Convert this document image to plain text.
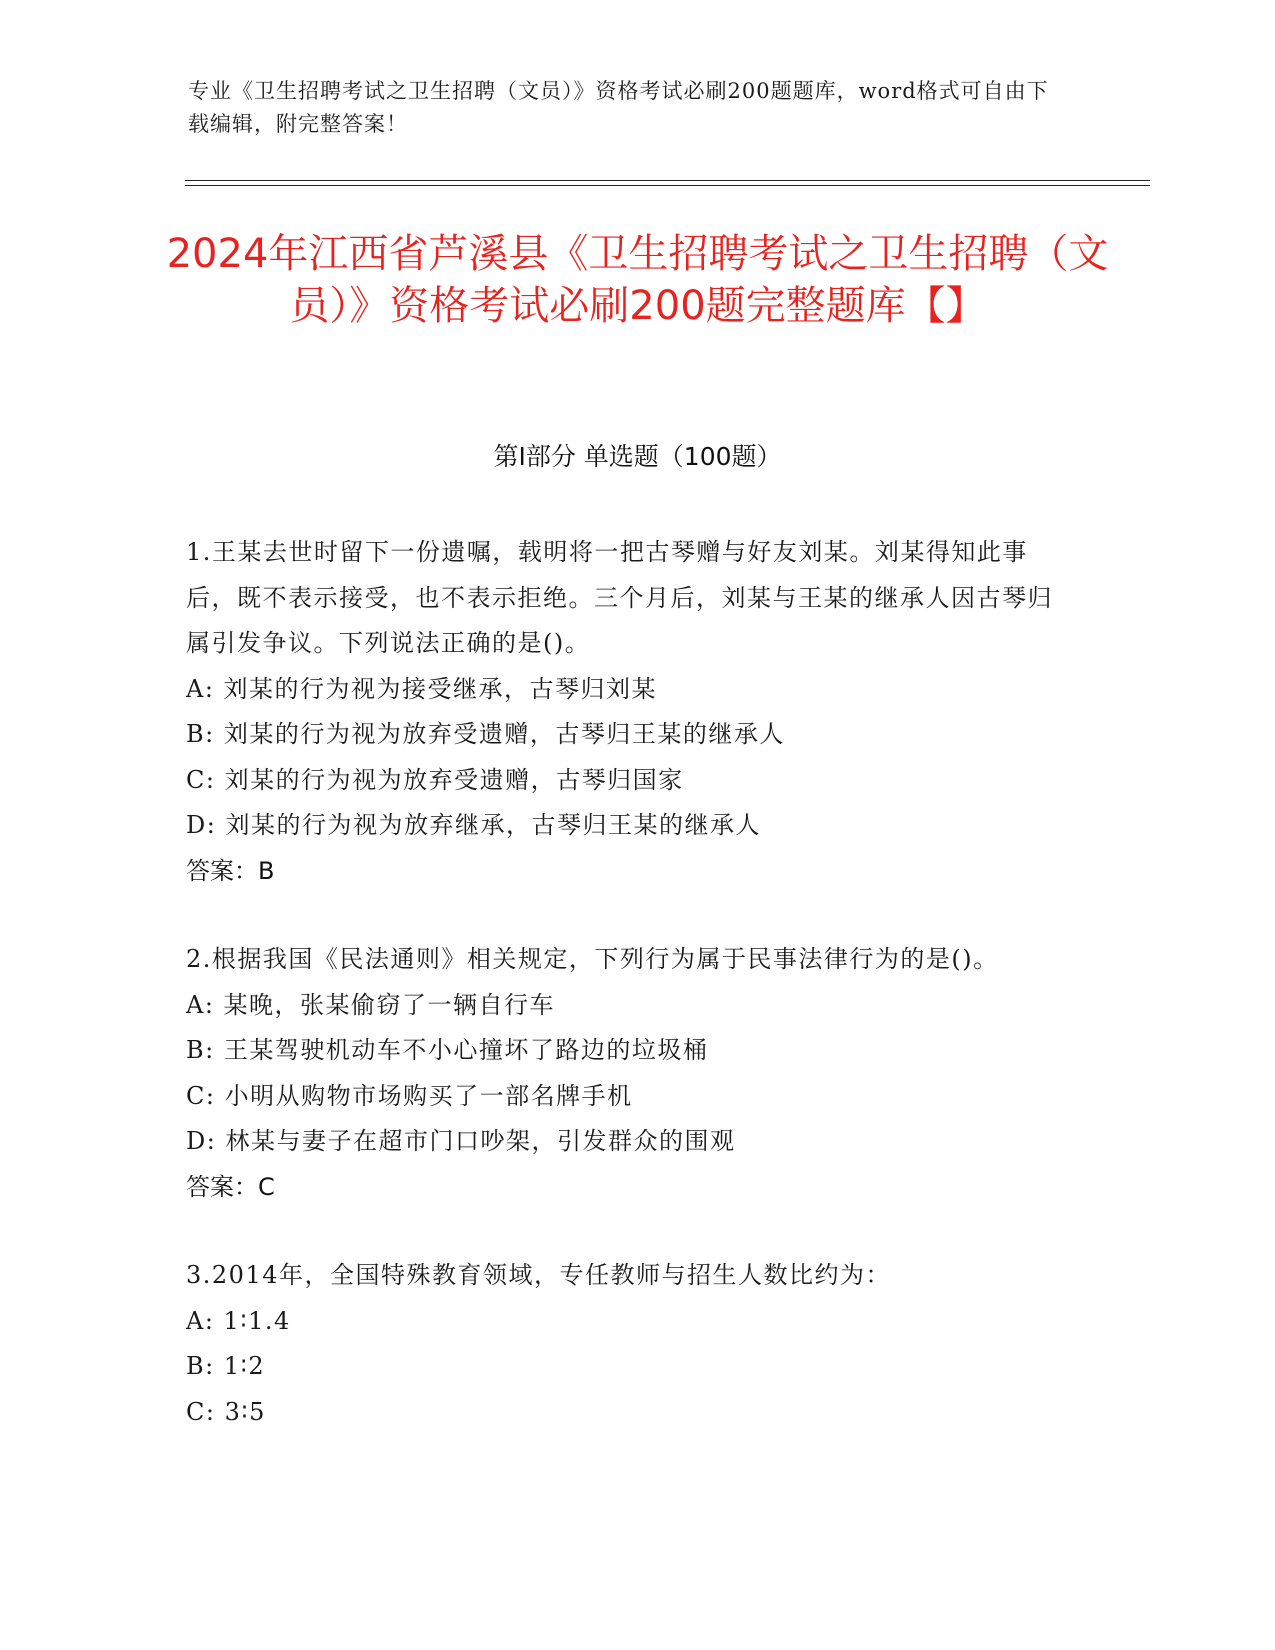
专业《卫生招聘考试之卫生招聘（文员）》资格考试必刷200题题库，word格式可自由下载编辑，附完整答案！
2024年江西省芦溪县《卫生招聘考试之卫生招聘（文员）》资格考试必刷200题完整题库【】
第I部分 单选题（100题）
1.王某去世时留下一份遗嘱，载明将一把古琴赠与好友刘某。刘某得知此事后，既不表示接受，也不表示拒绝。三个月后，刘某与王某的继承人因古琴归属引发争议。下列说法正确的是()。
A: 刘某的行为视为接受继承，古琴归刘某
B: 刘某的行为视为放弃受遗赠，古琴归王某的继承人
C: 刘某的行为视为放弃受遗赠，古琴归国家
D: 刘某的行为视为放弃继承，古琴归王某的继承人
答案：B
2.根据我国《民法通则》相关规定，下列行为属于民事法律行为的是()。
A: 某晚，张某偷窃了一辆自行车
B: 王某驾驶机动车不小心撞坏了路边的垃圾桶
C: 小明从购物市场购买了一部名牌手机
D: 林某与妻子在超市门口吵架，引发群众的围观
答案：C
3.2014年，全国特殊教育领域，专任教师与招生人数比约为：
A: 1∶1.4
B: 1∶2
C: 3∶5
